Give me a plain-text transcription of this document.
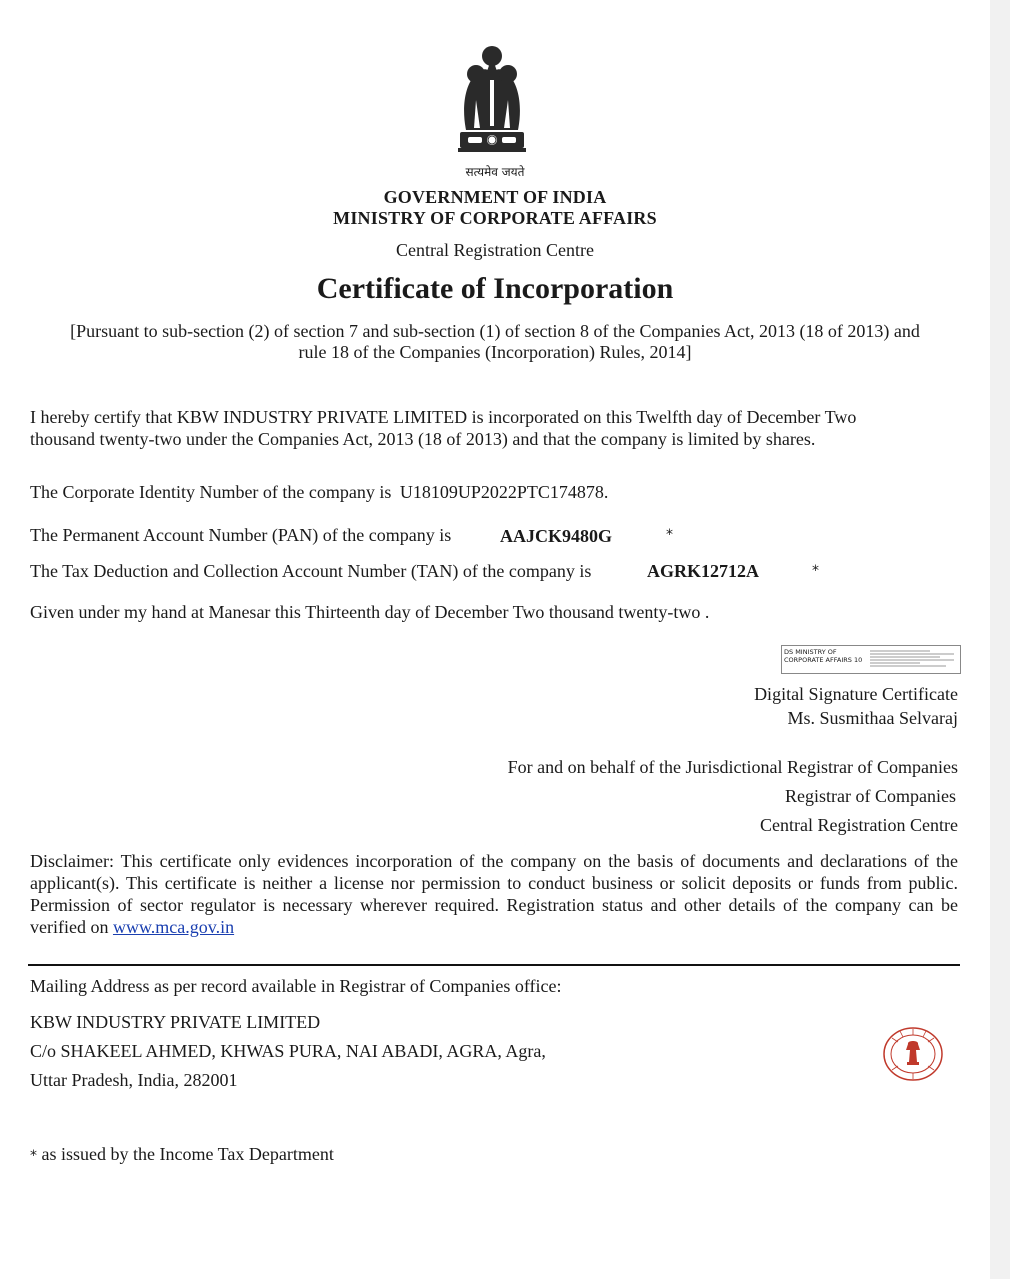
सत्यमेव जयते
GOVERNMENT OF INDIA
MINISTRY OF CORPORATE AFFAIRS
Central Registration Centre
Certificate of Incorporation
[Pursuant to sub-section (2) of section 7 and sub-section (1) of section 8 of the Companies Act, 2013 (18 of 2013) and
rule 18 of the Companies (Incorporation) Rules, 2014]
I hereby certify that KBW INDUSTRY PRIVATE LIMITED is incorporated on this Twelfth day of December Two
thousand twenty-two under the Companies Act, 2013 (18 of 2013) and that the company is limited by shares.
The Corporate Identity Number of the company is U18109UP2022PTC174878.
The Permanent Account Number (PAN) of the company is	AAJCK9480G	*
The Tax Deduction and Collection Account Number (TAN) of the company is	AGRK12712A	*
Given under my hand at Manesar this Thirteenth day of December Two thousand twenty-two .
DS MINISTRY OF
CORPORATE AFFAIRS 10
Digital Signature Certificate
Ms. Susmithaa Selvaraj
For and on behalf of the Jurisdictional Registrar of Companies
Registrar of Companies
Central Registration Centre
Disclaimer: This certificate only evidences incorporation of the company on the basis of documents and declarations of the applicant(s). This certificate is neither a license nor permission to conduct business or solicit deposits or funds from public. Permission of sector regulator is necessary wherever required. Registration status and other details of the company can be verified on www.mca.gov.in
Mailing Address as per record available in Registrar of Companies office:
KBW INDUSTRY PRIVATE LIMITED
C/o SHAKEEL AHMED, KHWAS PURA, NAI ABADI, AGRA, Agra,
Uttar Pradesh, India, 282001
* as issued by the Income Tax Department
